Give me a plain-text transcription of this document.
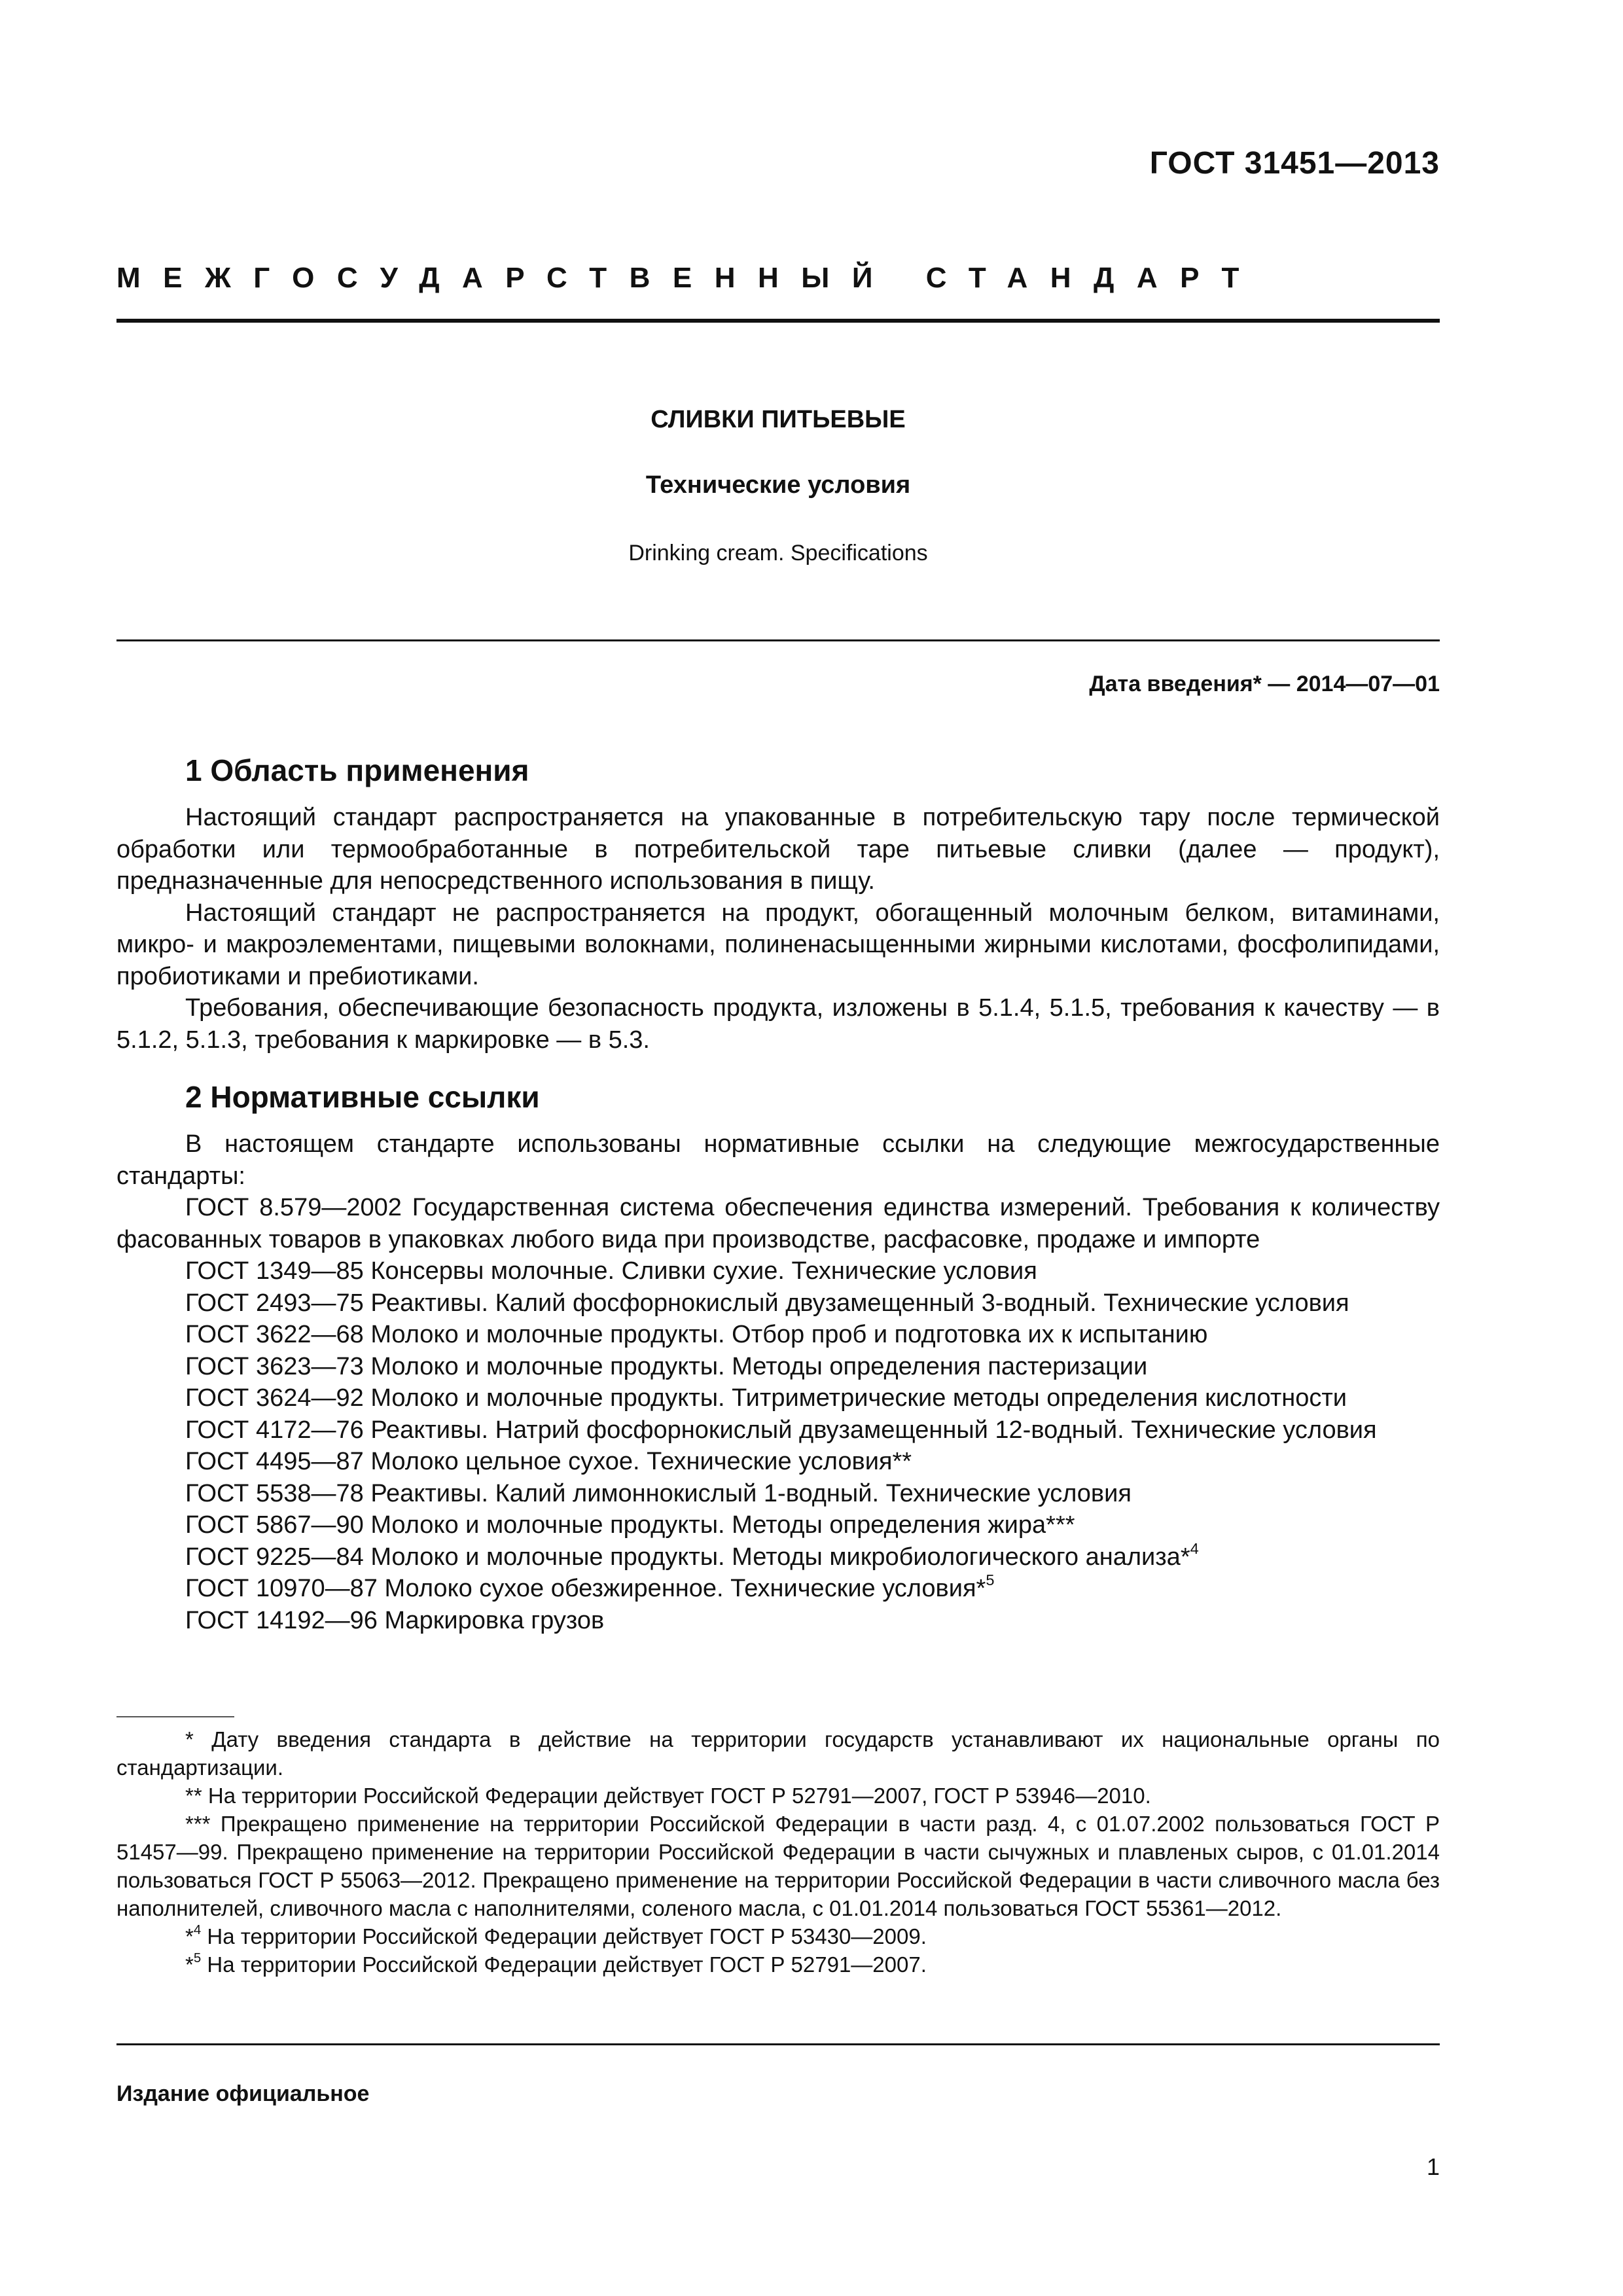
ГОСТ 31451—2013
МЕЖГОСУДАРСТВЕННЫЙ СТАНДАРТ
СЛИВКИ ПИТЬЕВЫЕ
Технические условия
Drinking cream. Specifications
Дата введения* — 2014—07—01
1 Область применения

Настоящий стандарт распространяется на упакованные в потребительскую тару после термической обработки или термообработанные в потребительской таре питьевые сливки (далее — продукт), предназначенные для непосредственного использования в пищу.

Настоящий стандарт не распространяется на продукт, обогащенный молочным белком, витаминами, микро- и макроэлементами, пищевыми волокнами, полиненасыщенными жирными кислотами, фосфолипидами, пробиотиками и пребиотиками.

Требования, обеспечивающие безопасность продукта, изложены в 5.1.4, 5.1.5, требования к качеству — в 5.1.2, 5.1.3, требования к маркировке — в 5.3.

2 Нормативные ссылки

В настоящем стандарте использованы нормативные ссылки на следующие межгосударственные стандарты:

ГОСТ 8.579—2002 Государственная система обеспечения единства измерений. Требования к количеству фасованных товаров в упаковках любого вида при производстве, расфасовке, продаже и импорте

ГОСТ 1349—85 Консервы молочные. Сливки сухие. Технические условия

ГОСТ 2493—75 Реактивы. Калий фосфорнокислый двузамещенный 3-водный. Технические условия

ГОСТ 3622—68 Молоко и молочные продукты. Отбор проб и подготовка их к испытанию

ГОСТ 3623—73 Молоко и молочные продукты. Методы определения пастеризации

ГОСТ 3624—92 Молоко и молочные продукты. Титриметрические методы определения кислотности

ГОСТ 4172—76 Реактивы. Натрий фосфорнокислый двузамещенный 12-водный. Технические условия

ГОСТ 4495—87 Молоко цельное сухое. Технические условия**

ГОСТ 5538—78 Реактивы. Калий лимоннокислый 1-водный. Технические условия

ГОСТ 5867—90 Молоко и молочные продукты. Методы определения жира***

ГОСТ 9225—84 Молоко и молочные продукты. Методы микробиологического анализа*$^4$

ГОСТ 10970—87 Молоко сухое обезжиренное. Технические условия*$^5$

ГОСТ 14192—96 Маркировка грузов

* Дату введения стандарта в действие на территории государств устанавливают их национальные органы по стандартизации.

** На территории Российской Федерации действует ГОСТ Р 52791—2007, ГОСТ Р 53946—2010.

*** Прекращено применение на территории Российской Федерации в части разд. 4, с 01.07.2002 пользоваться ГОСТ Р 51457—99. Прекращено применение на территории Российской Федерации в части сычужных и плавленых сыров, с 01.01.2014 пользоваться ГОСТ Р 55063—2012. Прекращено применение на территории Российской Федерации в части сливочного масла без наполнителей, сливочного масла с наполнителями, соленого масла, с 01.01.2014 пользоваться ГОСТ 55361—2012.

*$^4$ На территории Российской Федерации действует ГОСТ Р 53430—2009.

*$^5$ На территории Российской Федерации действует ГОСТ Р 52791—2007.

Издание официальное
1
